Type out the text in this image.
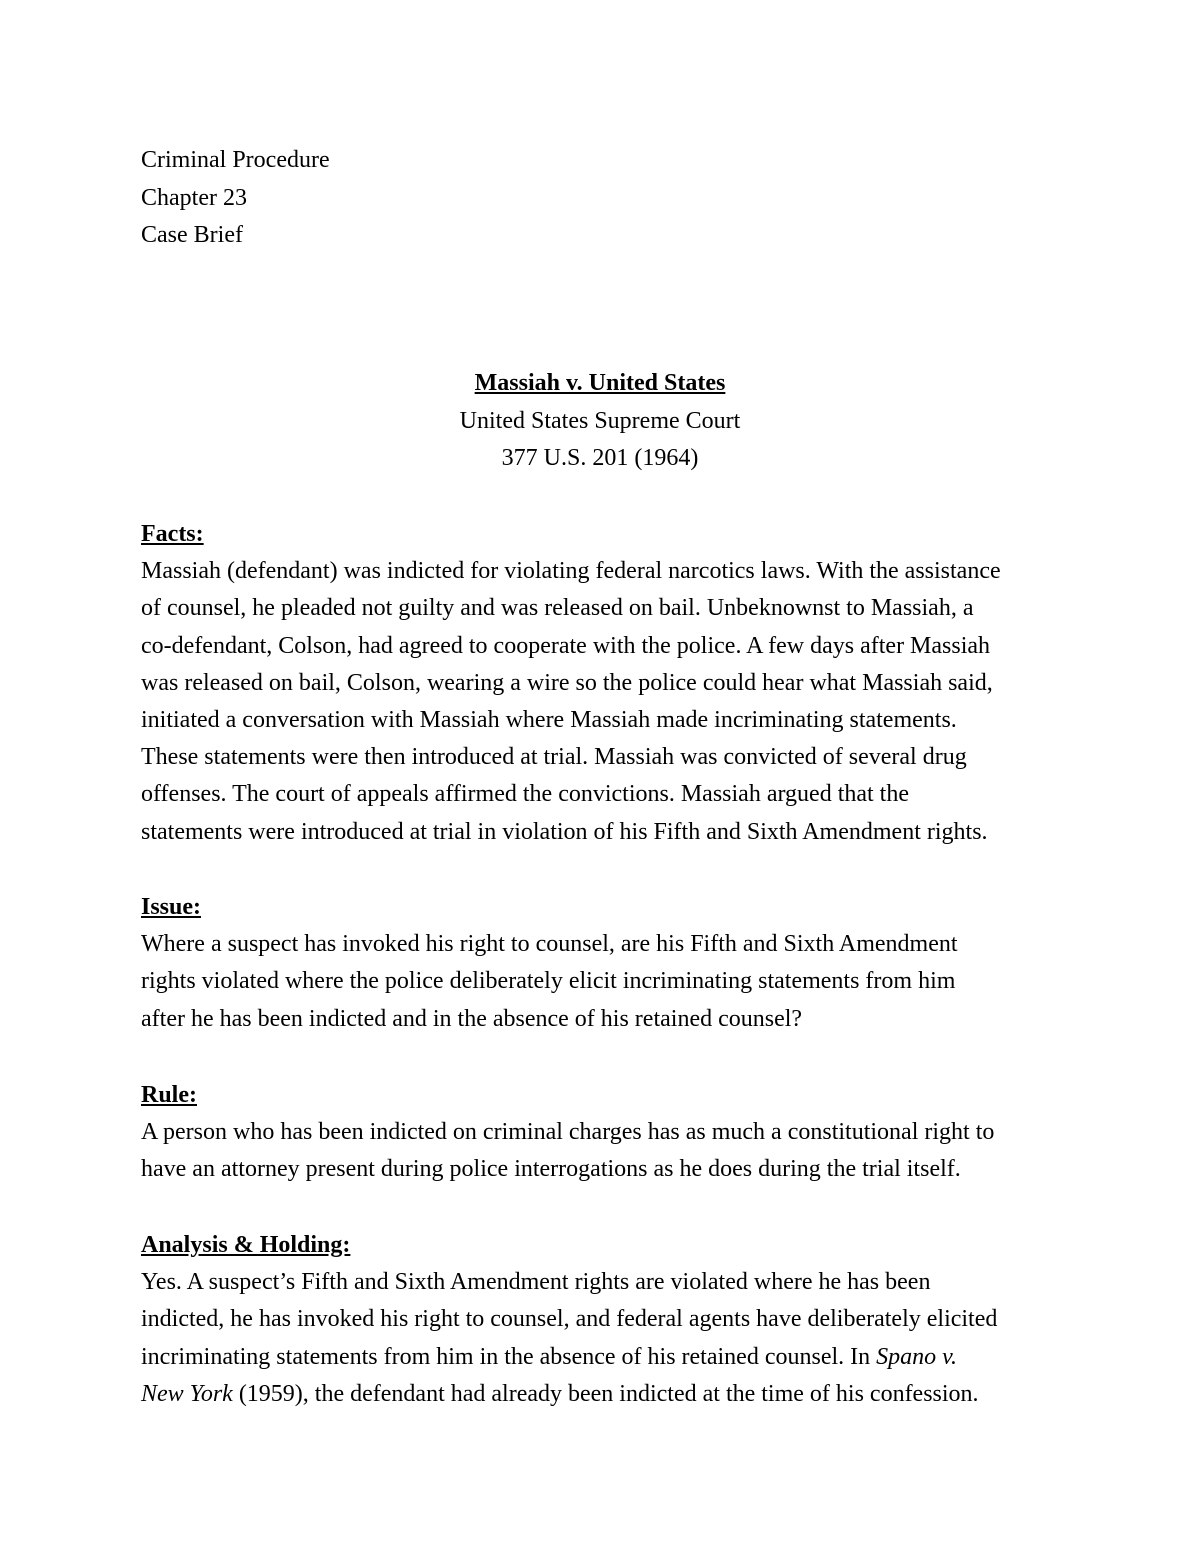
Criminal Procedure
Chapter 23
Case Brief
Massiah v. United States
United States Supreme Court
377 U.S. 201 (1964)
Facts:
Massiah (defendant) was indicted for violating federal narcotics laws. With the assistance
of counsel, he pleaded not guilty and was released on bail. Unbeknownst to Massiah, a
co-defendant, Colson, had agreed to cooperate with the police. A few days after Massiah
was released on bail, Colson, wearing a wire so the police could hear what Massiah said,
initiated a conversation with Massiah where Massiah made incriminating statements.
These statements were then introduced at trial. Massiah was convicted of several drug
offenses. The court of appeals affirmed the convictions. Massiah argued that the
statements were introduced at trial in violation of his Fifth and Sixth Amendment rights.
Issue:
Where a suspect has invoked his right to counsel, are his Fifth and Sixth Amendment
rights violated where the police deliberately elicit incriminating statements from him
after he has been indicted and in the absence of his retained counsel?
Rule:
A person who has been indicted on criminal charges has as much a constitutional right to
have an attorney present during police interrogations as he does during the trial itself.
Analysis & Holding:
Yes. A suspect’s Fifth and Sixth Amendment rights are violated where he has been
indicted, he has invoked his right to counsel, and federal agents have deliberately elicited
incriminating statements from him in the absence of his retained counsel. In Spano v.
New York (1959), the defendant had already been indicted at the time of his confession.
